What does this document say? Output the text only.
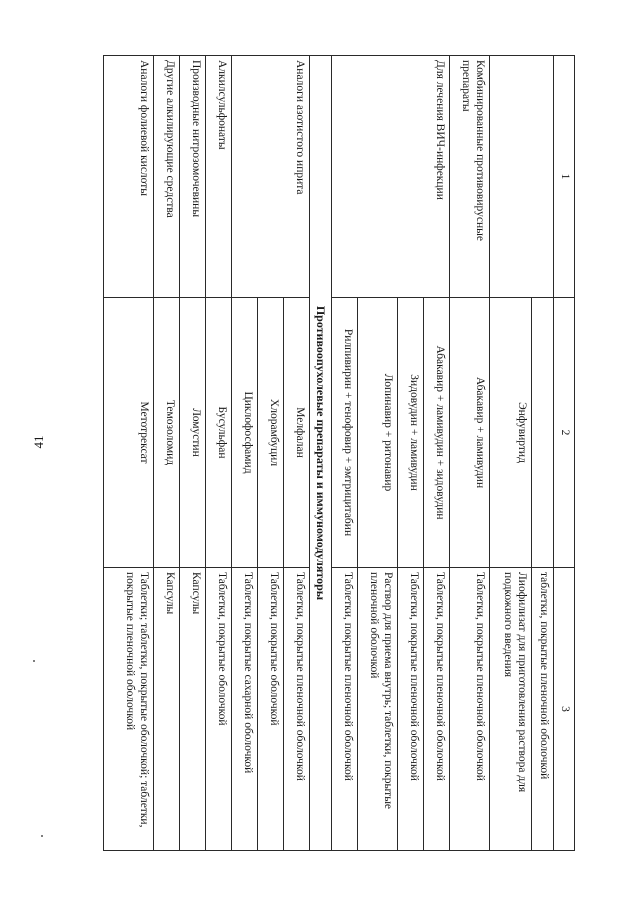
41
1	2	3
		таблетки, покрытые пленочной оболочкой
	Энфувиртид	Лиофилизат для приготовления раствора для подкожного введения
Комбинированные противовирусные препараты	Абакавир + ламивудин	Таблетки, покрытые пленочной оболочкой
Для лечения ВИЧ-инфекции	Абакавир + ламивудин + зидовудин	Таблетки, покрытые пленочной оболочкой
	Зидовудин + ламивудин	Таблетки, покрытые пленочной оболочкой
	Лопинавир + ритонавир	Раствор для приема внутрь; таблетки, покрытые пленочной оболочкой
	Рилпивирин + тенофовир + эмтрицитабин	Таблетки, покрытые пленочной оболочкой
Противоопухолевые препараты и иммуномодуляторы		
Аналоги азотистого иприта	Мелфалан	Таблетки, покрытые пленочной оболочкой
	Хлорамбуцил	Таблетки, покрытые оболочкой
	Циклофосфамид	Таблетки, покрытые сахарной оболочкой
Алкилсульфонаты	Бусульфан	Таблетки, покрытые оболочкой
Производные нитрозомочевины	Ломустин	Капсулы
Другие алкилирующие средства	Темозоломид	Капсулы
Аналоги фолиевой кислоты	Метотрексат	Таблетки; таблетки, покрытые оболочкой; таблетки, покрытые пленочной оболочкой
